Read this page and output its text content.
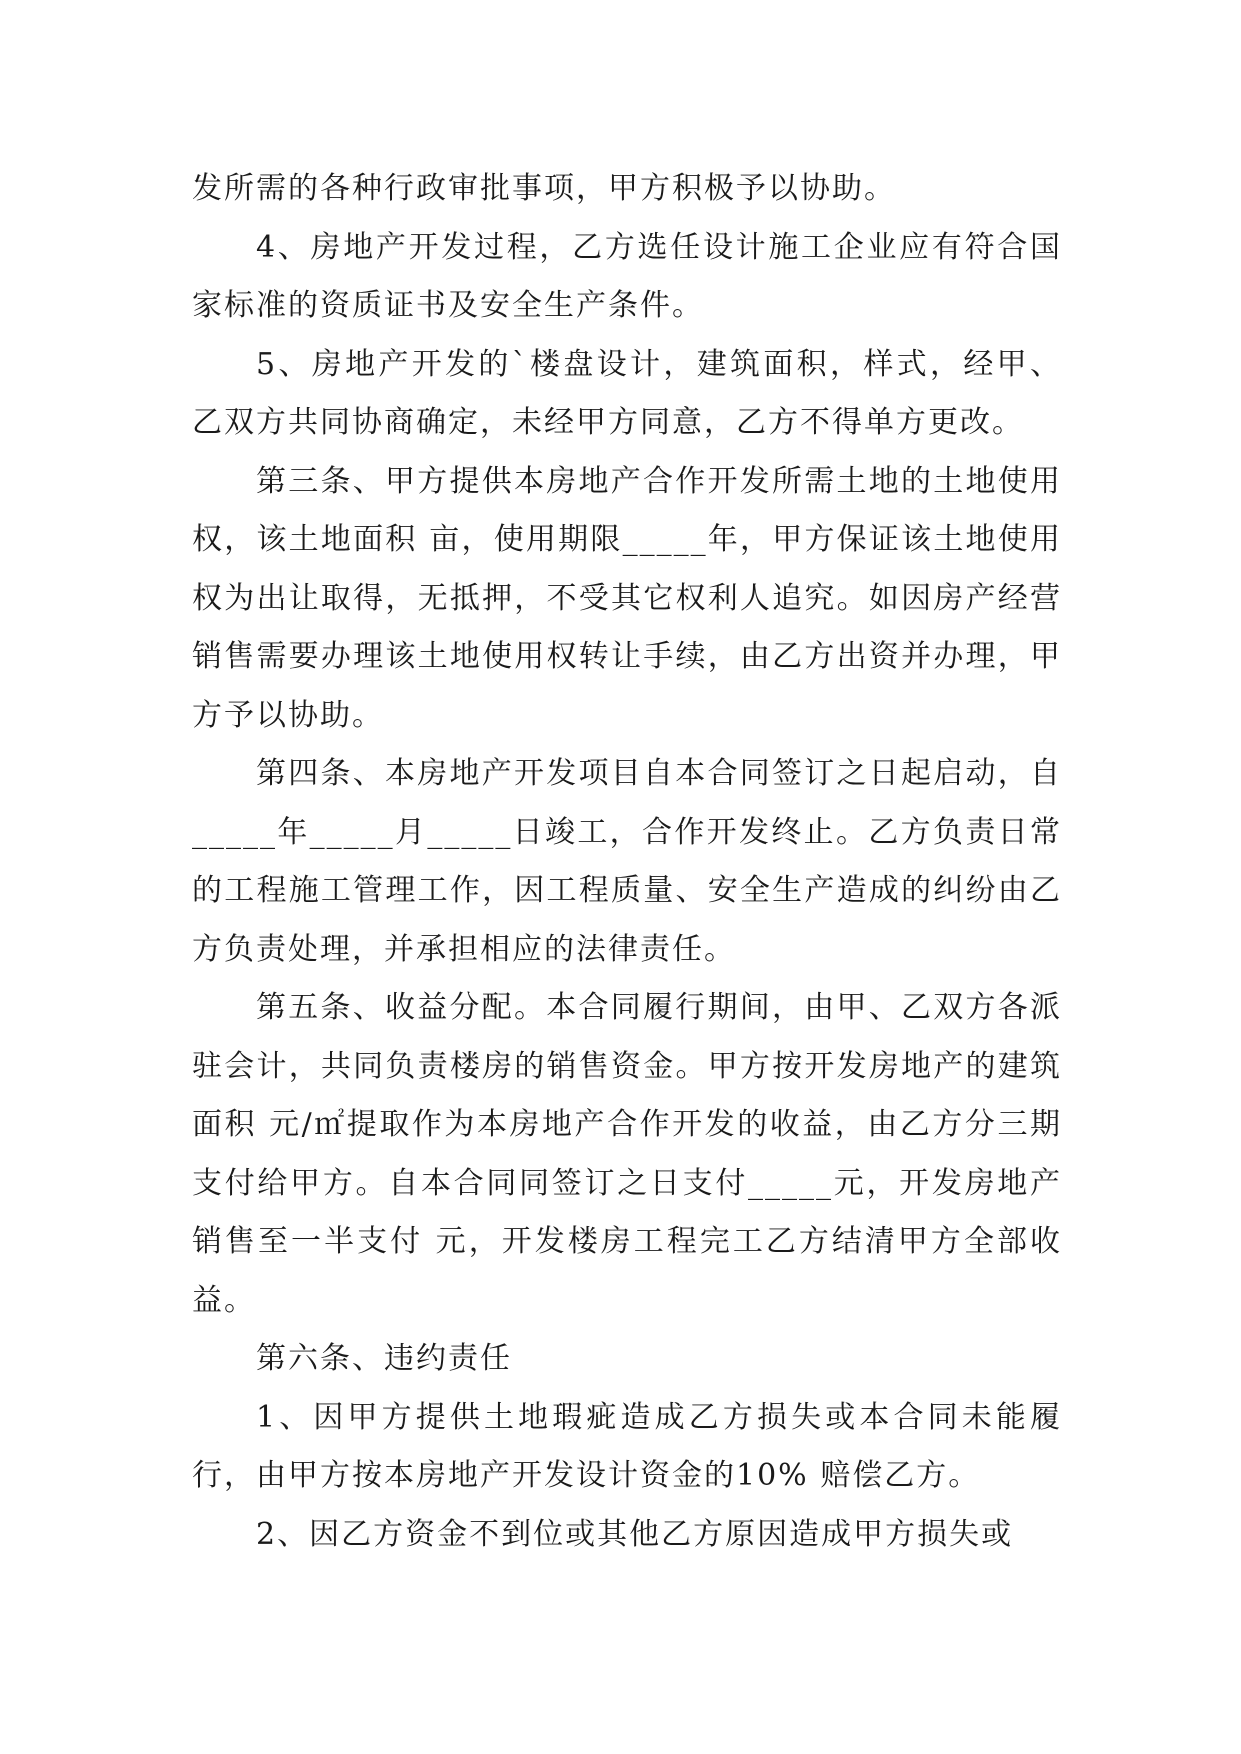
发所需的各种行政审批事项，甲方积极予以协助。

4、房地产开发过程，乙方选任设计施工企业应有符合国家标准的资质证书及安全生产条件。

5、房地产开发的`楼盘设计，建筑面积，样式，经甲、乙双方共同协商确定，未经甲方同意，乙方不得单方更改。

第三条、甲方提供本房地产合作开发所需土地的土地使用权，该土地面积 亩，使用期限_____年，甲方保证该土地使用权为出让取得，无抵押，不受其它权利人追究。如因房产经营销售需要办理该土地使用权转让手续，由乙方出资并办理，甲方予以协助。

第四条、本房地产开发项目自本合同签订之日起启动，自_____年_____月_____日竣工，合作开发终止。乙方负责日常的工程施工管理工作，因工程质量、安全生产造成的纠纷由乙方负责处理，并承担相应的法律责任。

第五条、收益分配。本合同履行期间，由甲、乙双方各派驻会计，共同负责楼房的销售资金。甲方按开发房地产的建筑面积 元/㎡提取作为本房地产合作开发的收益，由乙方分三期支付给甲方。自本合同同签订之日支付_____元，开发房地产销售至一半支付 元，开发楼房工程完工乙方结清甲方全部收益。

第六条、违约责任

1、因甲方提供土地瑕疵造成乙方损失或本合同未能履行，由甲方按本房地产开发设计资金的10% 赔偿乙方。

2、因乙方资金不到位或其他乙方原因造成甲方损失或
